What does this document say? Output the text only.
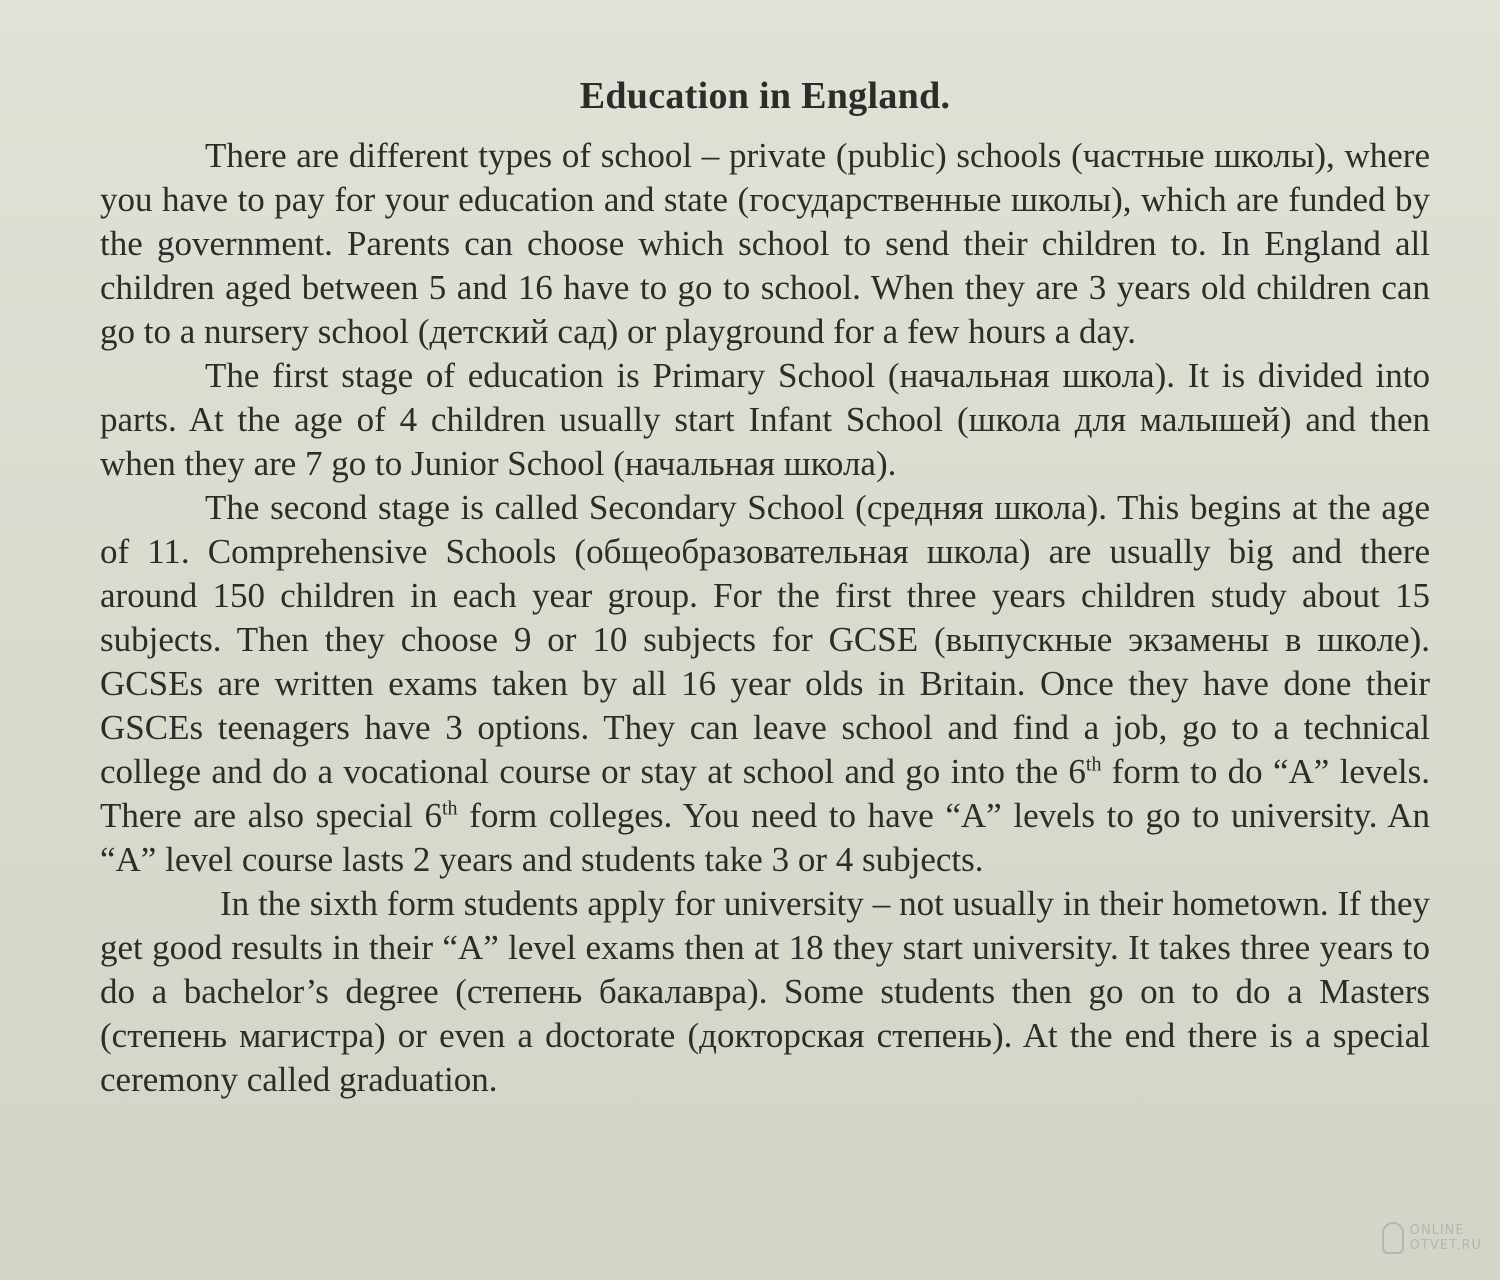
Education in England.

There are different types of school – private (public) schools (частные школы), where you have to pay for your education and state (государственные школы), which are funded by the government. Parents can choose which school to send their children to. In England all children aged between 5 and 16 have to go to school. When they are 3 years old children can go to a nursery school (детский сад) or playground for a few hours a day.

The first stage of education is Primary School (начальная школа). It is divided into parts. At the age of 4 children usually start Infant School (школа для малышей) and then when they are 7 go to Junior School (начальная школа).

The second stage is called Secondary School (средняя школа). This begins at the age of 11. Comprehensive Schools (общеобразовательная школа) are usually big and there around 150 children in each year group. For the first three years children study about 15 subjects. Then they choose 9 or 10 subjects for GCSE (выпускные экзамены в школе). GCSEs are written exams taken by all 16 year olds in Britain. Once they have done their GSCEs teenagers have 3 options. They can leave school and find a job, go to a technical college and do a vocational course or stay at school and go into the 6th form to do “A” levels. There are also special 6th form colleges. You need to have “A” levels to go to university. An “A” level course lasts 2 years and students take 3 or 4 subjects.

In the sixth form students apply for university – not usually in their hometown. If they get good results in their “A” level exams then at 18 they start university. It takes three years to do a bachelor’s degree (степень бакалавра). Some students then go on to do a Masters (степень магистра) or even a doctorate (докторская степень). At the end there is a special ceremony called graduation.

ONLINE
OTVET.RU
